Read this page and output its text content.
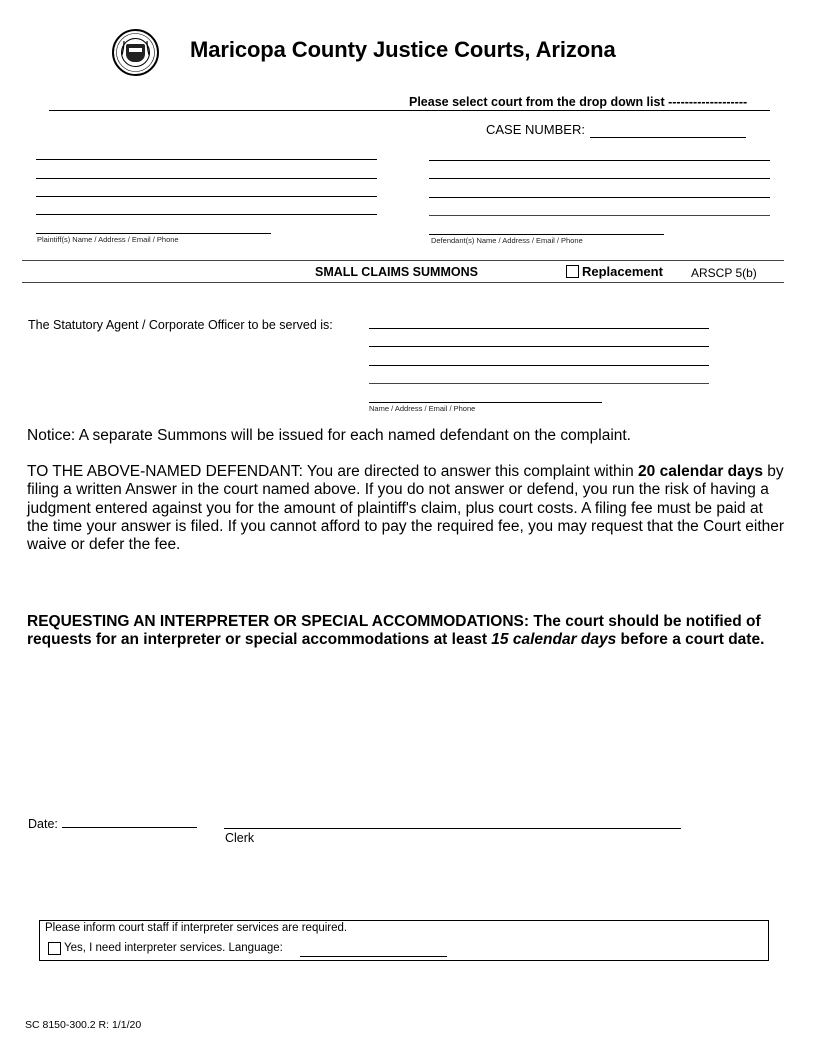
Maricopa County Justice Courts, Arizona
Please select court from the drop down list -------------------
CASE NUMBER:
Plaintiff(s) Name / Address / Email / Phone	Defendant(s) Name / Address / Email / Phone
SMALL CLAIMS SUMMONS	Replacement ARSCP 5(b)
The Statutory Agent / Corporate Officer to be served is:
Name / Address / Email / Phone
Notice: A separate Summons will be issued for each named defendant on the complaint.
TO THE ABOVE-NAMED DEFENDANT: You are directed to answer this complaint within 20 calendar days by filing a written Answer in the court named above. If you do not answer or defend, you run the risk of having a judgment entered against you for the amount of plaintiff's claim, plus court costs. A filing fee must be paid at the time your answer is filed. If you cannot afford to pay the required fee, you may request that the Court either waive or defer the fee.
REQUESTING AN INTERPRETER OR SPECIAL ACCOMMODATIONS: The court should be notified of requests for an interpreter or special accommodations at least 15 calendar days before a court date.
Date:
Clerk
Please inform court staff if interpreter services are required.
Yes, I need interpreter services. Language:
SC 8150-300.2 R: 1/1/20
